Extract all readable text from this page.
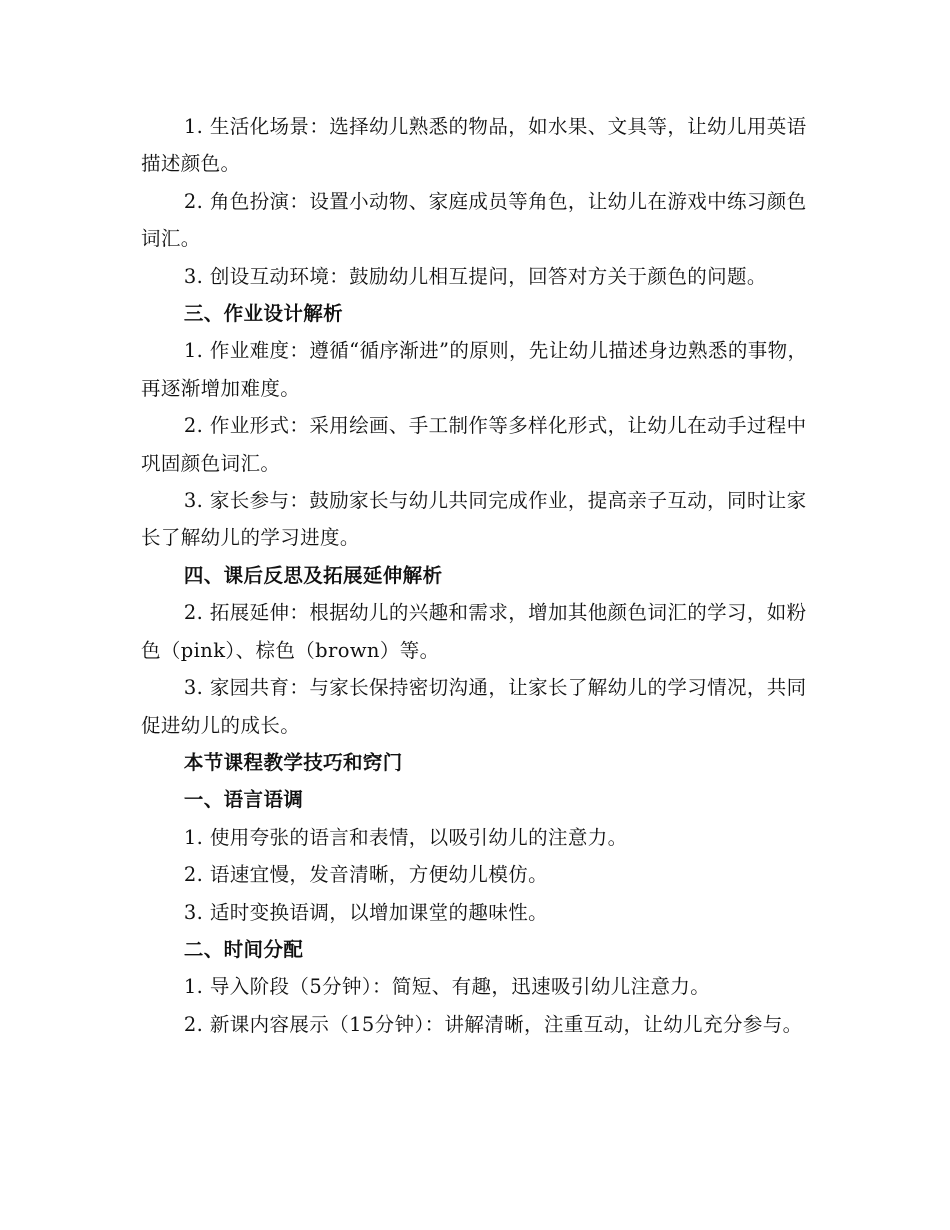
1. 生活化场景：选择幼儿熟悉的物品，如水果、文具等，让幼儿用英语描述颜色。

2. 角色扮演：设置小动物、家庭成员等角色，让幼儿在游戏中练习颜色词汇。

3. 创设互动环境：鼓励幼儿相互提问，回答对方关于颜色的问题。

三、作业设计解析

1. 作业难度：遵循“循序渐进”的原则，先让幼儿描述身边熟悉的事物，再逐渐增加难度。

2. 作业形式：采用绘画、手工制作等多样化形式，让幼儿在动手过程中巩固颜色词汇。

3. 家长参与：鼓励家长与幼儿共同完成作业，提高亲子互动，同时让家长了解幼儿的学习进度。

四、课后反思及拓展延伸解析

2. 拓展延伸：根据幼儿的兴趣和需求，增加其他颜色词汇的学习，如粉色（pink）、棕色（brown）等。

3. 家园共育：与家长保持密切沟通，让家长了解幼儿的学习情况，共同促进幼儿的成长。

本节课程教学技巧和窍门

一、语言语调

1. 使用夸张的语言和表情，以吸引幼儿的注意力。

2. 语速宜慢，发音清晰，方便幼儿模仿。

3. 适时变换语调，以增加课堂的趣味性。

二、时间分配

1. 导入阶段（5分钟）：简短、有趣，迅速吸引幼儿注意力。

2. 新课内容展示（15分钟）：讲解清晰，注重互动，让幼儿充分参与。
